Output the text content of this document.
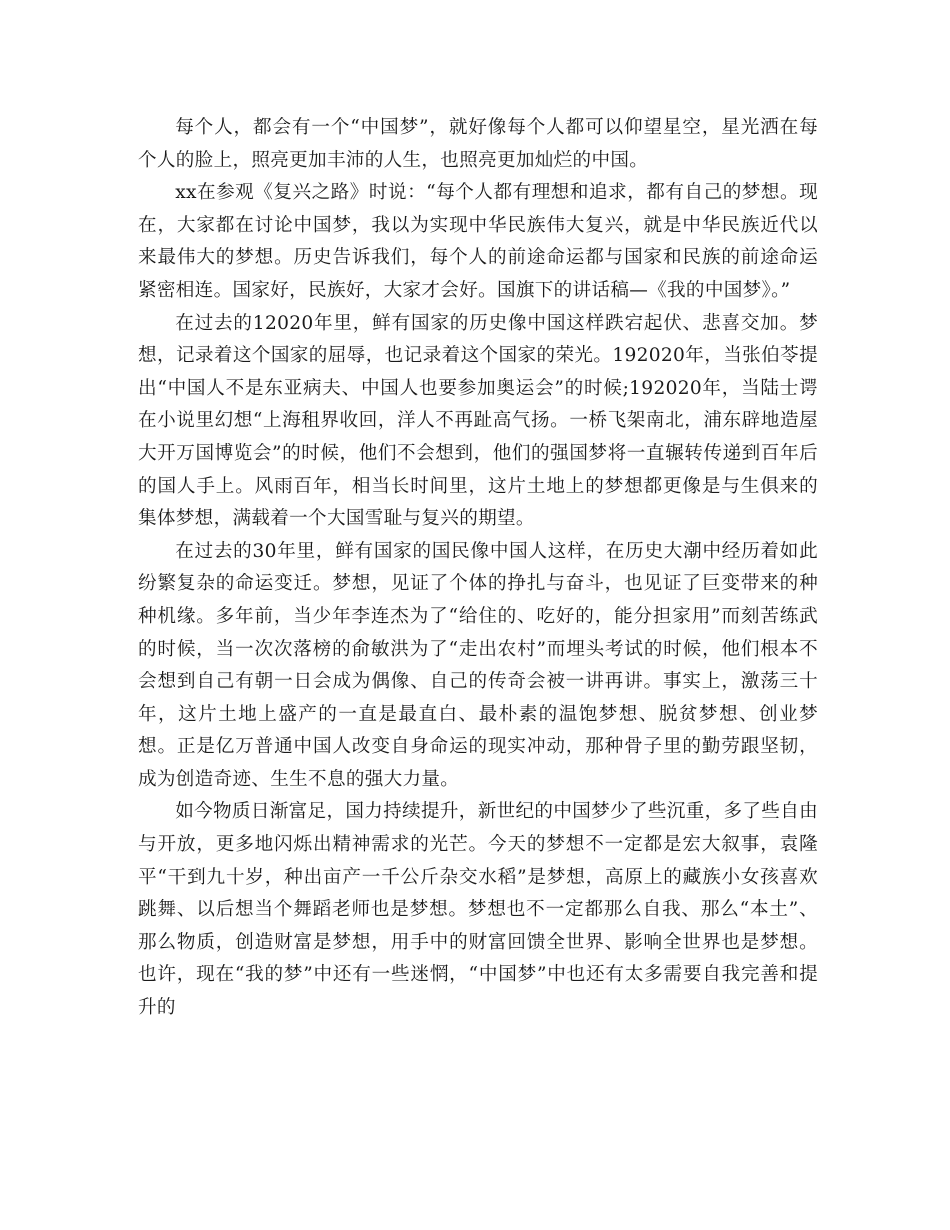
每个人，都会有一个“中国梦”，就好像每个人都可以仰望星空，星光洒在每个人的脸上，照亮更加丰沛的人生，也照亮更加灿烂的中国。

xx在参观《复兴之路》时说：“每个人都有理想和追求，都有自己的梦想。现在，大家都在讨论中国梦，我以为实现中华民族伟大复兴，就是中华民族近代以来最伟大的梦想。历史告诉我们，每个人的前途命运都与国家和民族的前途命运紧密相连。国家好，民族好，大家才会好。国旗下的讲话稿—《我的中国梦》。”

在过去的12020年里，鲜有国家的历史像中国这样跌宕起伏、悲喜交加。梦想，记录着这个国家的屈辱，也记录着这个国家的荣光。192020年，当张伯苓提出“中国人不是东亚病夫、中国人也要参加奥运会”的时候;192020年，当陆士谔在小说里幻想“上海租界收回，洋人不再趾高气扬。一桥飞架南北，浦东辟地造屋大开万国博览会”的时候，他们不会想到，他们的强国梦将一直辗转传递到百年后的国人手上。风雨百年，相当长时间里，这片土地上的梦想都更像是与生俱来的集体梦想，满载着一个大国雪耻与复兴的期望。

在过去的30年里，鲜有国家的国民像中国人这样，在历史大潮中经历着如此纷繁复杂的命运变迁。梦想，见证了个体的挣扎与奋斗，也见证了巨变带来的种种机缘。多年前，当少年李连杰为了“给住的、吃好的，能分担家用”而刻苦练武的时候，当一次次落榜的俞敏洪为了“走出农村”而埋头考试的时候，他们根本不会想到自己有朝一日会成为偶像、自己的传奇会被一讲再讲。事实上，激荡三十年，这片土地上盛产的一直是最直白、最朴素的温饱梦想、脱贫梦想、创业梦想。正是亿万普通中国人改变自身命运的现实冲动，那种骨子里的勤劳跟坚韧，成为创造奇迹、生生不息的强大力量。

如今物质日渐富足，国力持续提升，新世纪的中国梦少了些沉重，多了些自由与开放，更多地闪烁出精神需求的光芒。今天的梦想不一定都是宏大叙事，袁隆平“干到九十岁，种出亩产一千公斤杂交水稻”是梦想，高原上的藏族小女孩喜欢跳舞、以后想当个舞蹈老师也是梦想。梦想也不一定都那么自我、那么“本土”、那么物质，创造财富是梦想，用手中的财富回馈全世界、影响全世界也是梦想。也许，现在“我的梦”中还有一些迷惘，“中国梦”中也还有太多需要自我完善和提升的
